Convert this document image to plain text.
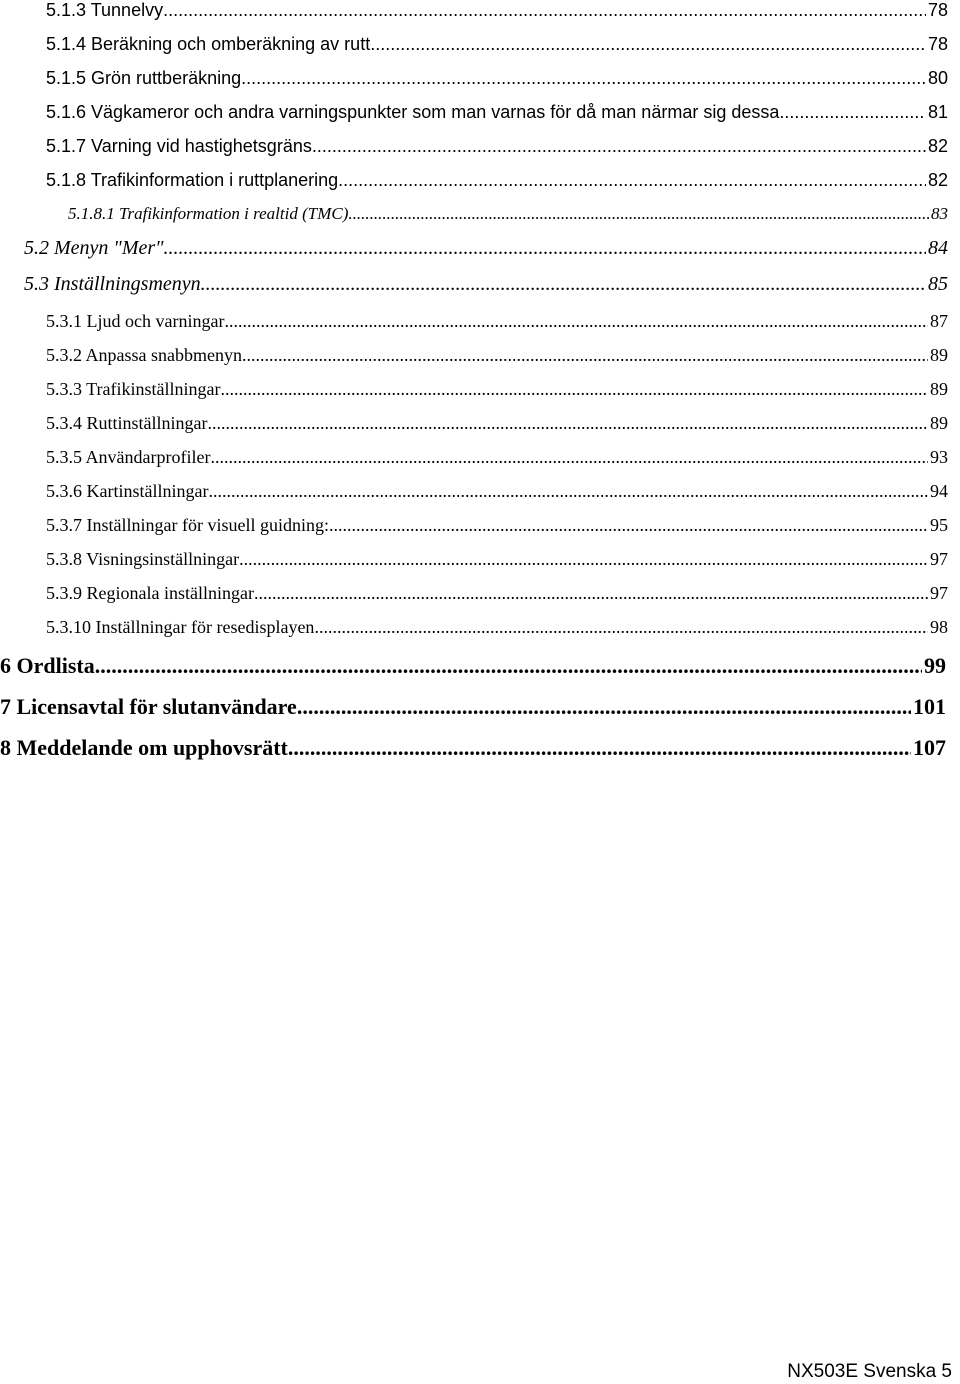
5.1.3 Tunnelvy .....	78
5.1.4 Beräkning och omberäkning av rutt .....	78
5.1.5 Grön ruttberäkning .....	80
5.1.6 Vägkameror och andra varningspunkter som man varnas för då man närmar sig dessa .....	81
5.1.7 Varning vid hastighetsgräns .....	82
5.1.8 Trafikinformation i ruttplanering .....	82
5.1.8.1 Trafikinformation i realtid (TMC) .....	83
5.2 Menyn "Mer" .....	84
5.3 Inställningsmenyn .....	85
5.3.1 Ljud och varningar .....	87
5.3.2 Anpassa snabbmenyn .....	89
5.3.3 Trafikinställningar .....	89
5.3.4 Ruttinställningar .....	89
5.3.5 Användarprofiler .....	93
5.3.6 Kartinställningar .....	94
5.3.7 Inställningar för visuell guidning: .....	95
5.3.8 Visningsinställningar .....	97
5.3.9 Regionala inställningar .....	97
5.3.10 Inställningar för resedisplayen .....	98
6 Ordlista .....	99
7 Licensavtal för slutanvändare .....	101
8 Meddelande om upphovsrätt .....	107
NX503E Svenska 5
